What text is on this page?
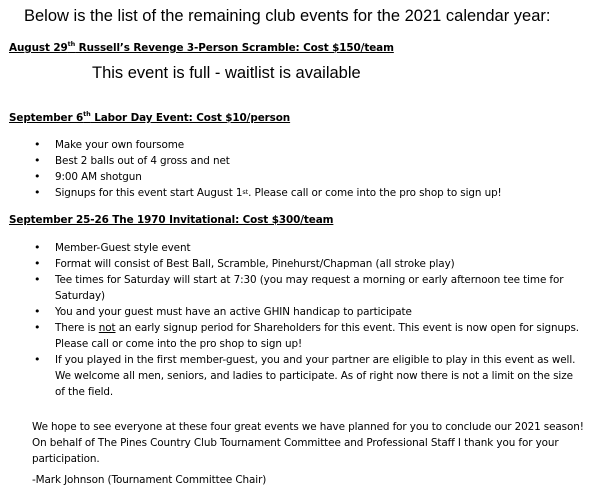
Below is the list of the remaining club events for the 2021 calendar year:

August 29th Russell’s Revenge 3-Person Scramble: Cost $150/team

This event is full - waitlist is available

September 6th Labor Day Event: Cost $10/person

• Make your own foursome
• Best 2 balls out of 4 gross and net
• 9:00 AM shotgun
• Signups for this event start August 1st. Please call or come into the pro shop to sign up!

September 25-26 The 1970 Invitational: Cost $300/team

• Member-Guest style event
• Format will consist of Best Ball, Scramble, Pinehurst/Chapman (all stroke play)
• Tee times for Saturday will start at 7:30 (you may request a morning or early afternoon tee time for Saturday)
• You and your guest must have an active GHIN handicap to participate
• There is not an early signup period for Shareholders for this event. This event is now open for signups. Please call or come into the pro shop to sign up!
• If you played in the first member-guest, you and your partner are eligible to play in this event as well. We welcome all men, seniors, and ladies to participate. As of right now there is not a limit on the size of the field.

We hope to see everyone at these four great events we have planned for you to conclude our 2021 season! On behalf of The Pines Country Club Tournament Committee and Professional Staff I thank you for your participation.

-Mark Johnson (Tournament Committee Chair)
